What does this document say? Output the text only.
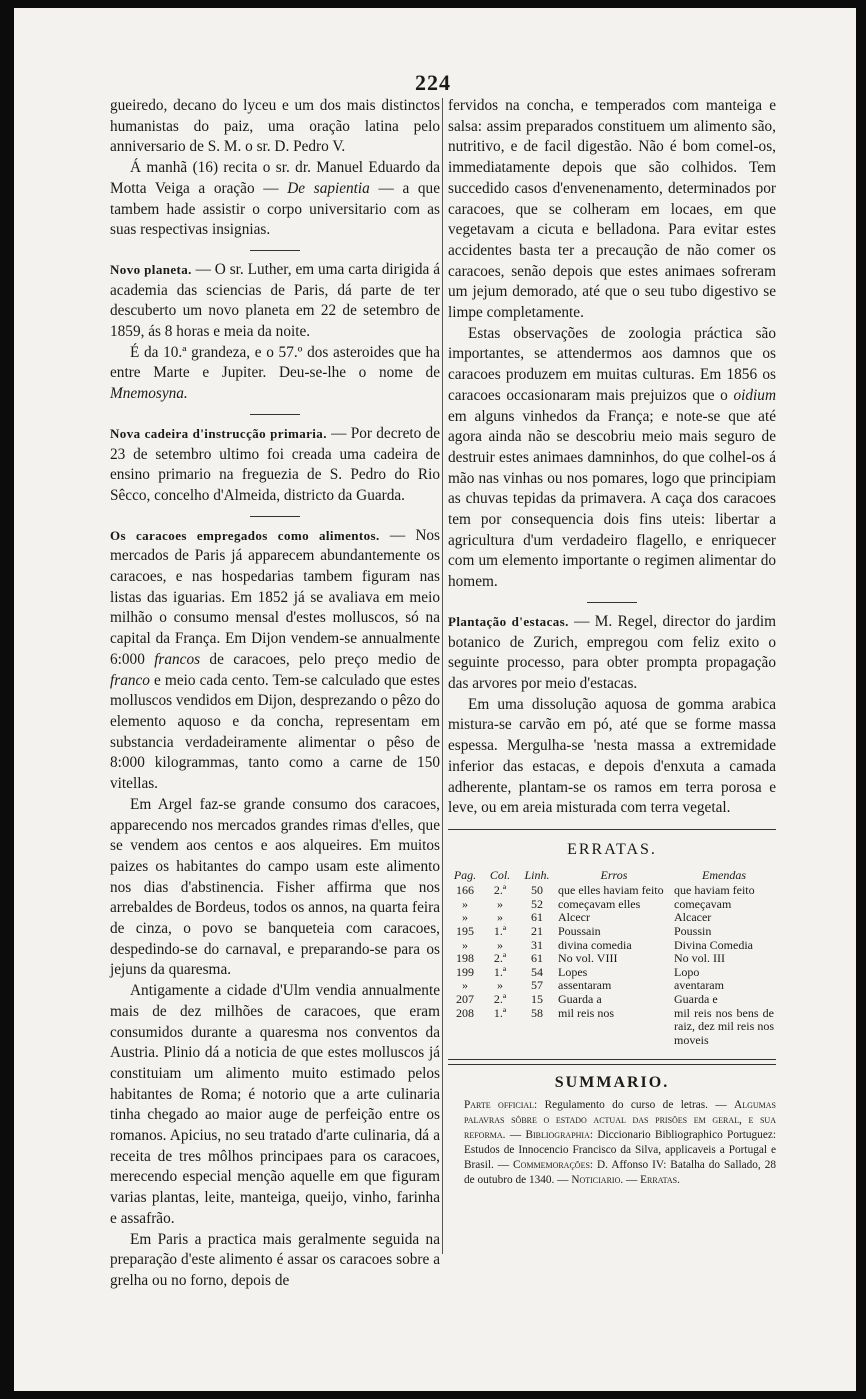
224

gueiredo, decano do lyceu e um dos mais distinctos humanistas do paiz, uma oração latina pelo anniversario de S. M. o sr. D. Pedro V.

Á manhã (16) recita o sr. dr. Manuel Eduardo da Motta Veiga a oração — De sapientia — a que tambem hade assistir o corpo universitario com as suas respectivas insignias.

Novo planeta. — O sr. Luther, em uma carta dirigida á academia das sciencias de Paris, dá parte de ter descuberto um novo planeta em 22 de setembro de 1859, ás 8 horas e meia da noite.

É da 10.ª grandeza, e o 57.º dos asteroides que ha entre Marte e Jupiter. Deu-se-lhe o nome de Mnemosyna.

Nova cadeira d'instrucção primaria. — Por decreto de 23 de setembro ultimo foi creada uma cadeira de ensino primario na freguezia de S. Pedro do Rio Sêcco, concelho d'Almeida, districto da Guarda.

Os caracoes empregados como alimentos. — Nos mercados de Paris já apparecem abundantemente os caracoes, e nas hospedarias tambem figuram nas listas das iguarias. Em 1852 já se avaliava em meio milhão o consumo mensal d'estes molluscos, só na capital da França. Em Dijon vendem-se annualmente 6:000 francos de caracoes, pelo preço medio de franco e meio cada cento. Tem-se calculado que estes molluscos vendidos em Dijon, desprezando o pêzo do elemento aquoso e da concha, representam em substancia verdadeiramente alimentar o pêso de 8:000 kilogrammas, tanto como a carne de 150 vitellas.

Em Argel faz-se grande consumo dos caracoes, apparecendo nos mercados grandes rimas d'elles, que se vendem aos centos e aos alqueires. Em muitos paizes os habitantes do campo usam este alimento nos dias d'abstinencia. Fisher affirma que nos arrebaldes de Bordeus, todos os annos, na quarta feira de cinza, o povo se banqueteia com caracoes, despedindo-se do carnaval, e preparando-se para os jejuns da quaresma.

Antigamente a cidade d'Ulm vendia annualmente mais de dez milhões de caracoes, que eram consumidos durante a quaresma nos conventos da Austria. Plinio dá a noticia de que estes molluscos já constituiam um alimento muito estimado pelos habitantes de Roma; é notorio que a arte culinaria tinha chegado ao maior auge de perfeição entre os romanos. Apicius, no seu tratado d'arte culinaria, dá a receita de tres môlhos principaes para os caracoes, merecendo especial menção aquelle em que figuram varias plantas, leite, manteiga, queijo, vinho, farinha e assafrão.

Em Paris a practica mais geralmente seguida na preparação d'este alimento é assar os caracoes sobre a grelha ou no forno, depois de

fervidos na concha, e temperados com manteiga e salsa: assim preparados constituem um alimento são, nutritivo, e de facil digestão. Não é bom comel-os, immediatamente depois que são colhidos. Tem succedido casos d'envenenamento, determinados por caracoes, que se colheram em locaes, em que vegetavam a cicuta e belladona. Para evitar estes accidentes basta ter a precaução de não comer os caracoes, senão depois que estes animaes sofreram um jejum demorado, até que o seu tubo digestivo se limpe completamente.

Estas observações de zoologia práctica são importantes, se attendermos aos damnos que os caracoes produzem em muitas culturas. Em 1856 os caracoes occasionaram mais prejuizos que o oidium em alguns vinhedos da França; e note-se que até agora ainda não se descobriu meio mais seguro de destruir estes animaes damninhos, do que colhel-os á mão nas vinhas ou nos pomares, logo que principiam as chuvas tepidas da primavera. A caça dos caracoes tem por consequencia dois fins uteis: libertar a agricultura d'um verdadeiro flagello, e enriquecer com um elemento importante o regimen alimentar do homem.

Plantação d'estacas. — M. Regel, director do jardim botanico de Zurich, empregou com feliz exito o seguinte processo, para obter prompta propagação das arvores por meio d'estacas.

Em uma dissolução aquosa de gomma arabica mistura-se carvão em pó, até que se forme massa espessa. Mergulha-se 'nesta massa a extremidade inferior das estacas, e depois d'enxuta a camada adherente, plantam-se os ramos em terra porosa e leve, ou em areia misturada com terra vegetal.

ERRATAS.
Pag.	Col.	Linh.	Erros	Emendas
166	2.ª	50	que elles haviam feito	que haviam feito
»	»	52	começavam elles	começavam
»	»	61	Alcecr	Alcacer
195	1.ª	21	Poussain	Poussin
»	»	31	divina comedia	Divina Comedia
198	2.ª	61	No vol. VIII	No vol. III
199	1.ª	54	Lopes	Lopo
»	»	57	assentaram	aventaram
207	2.ª	15	Guarda a	Guarda e
208	1.ª	58	mil reis nos	mil reis nos bens de raiz, dez mil reis nos moveis
SUMMARIO.
Parte official: Regulamento do curso de letras. — Algumas palavras sôbre o estado actual das prisões em geral, e sua reforma. — Bibliographia: Diccionario Bibliographico Portuguez: Estudos de Innocencio Francisco da Silva, applicaveis a Portugal e Brasil. — Commemorações: D. Affonso IV: Batalha do Sallado, 28 de outubro de 1340. — Noticiario. — Erratas.
